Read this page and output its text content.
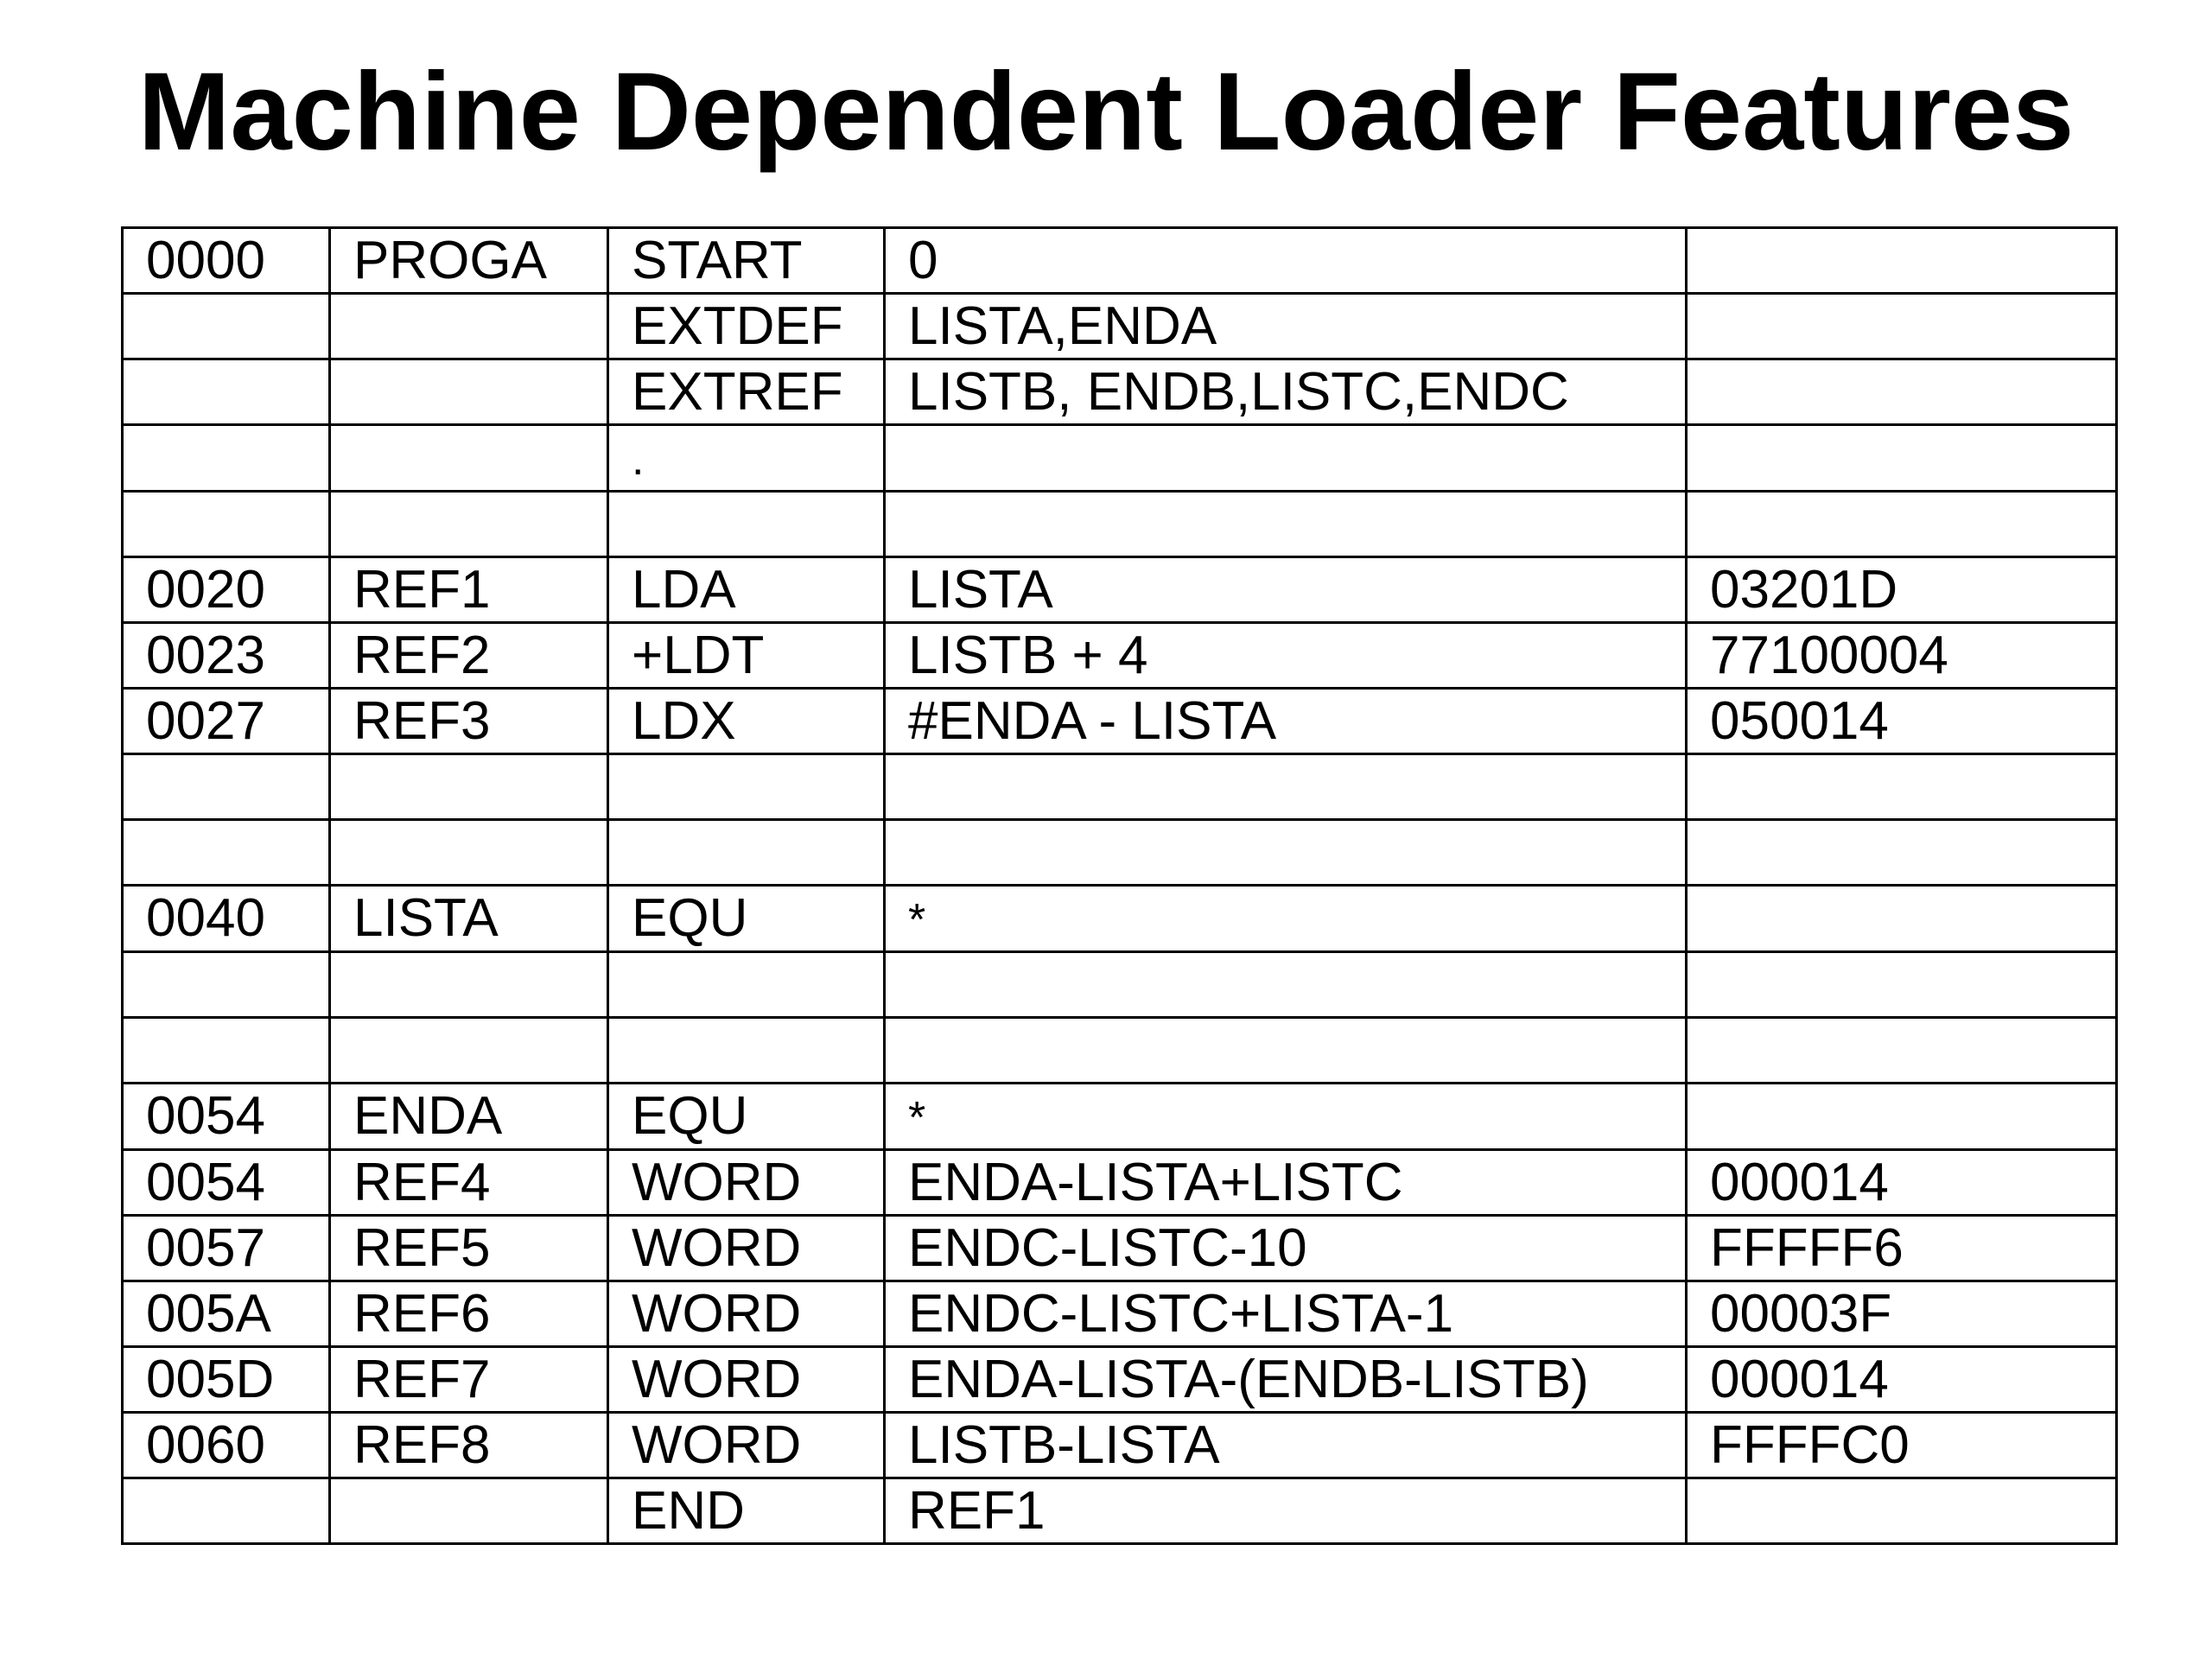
Machine Dependent Loader Features
0000	PROGA	START	0	
		EXTDEF	LISTA,ENDA	
		EXTREF	LISTB, ENDB,LISTC,ENDC	
		.		

0020	REF1	LDA	LISTA	03201D
0023	REF2	+LDT	LISTB + 4	77100004
0027	REF3	LDX	#ENDA - LISTA	050014

0040	LISTA	EQU	*	

0054	ENDA	EQU	*	
0054	REF4	WORD	ENDA-LISTA+LISTC	000014
0057	REF5	WORD	ENDC-LISTC-10	FFFFF6
005A	REF6	WORD	ENDC-LISTC+LISTA-1	00003F
005D	REF7	WORD	ENDA-LISTA-(ENDB-LISTB)	000014
0060	REF8	WORD	LISTB-LISTA	FFFFC0
		END	REF1	
